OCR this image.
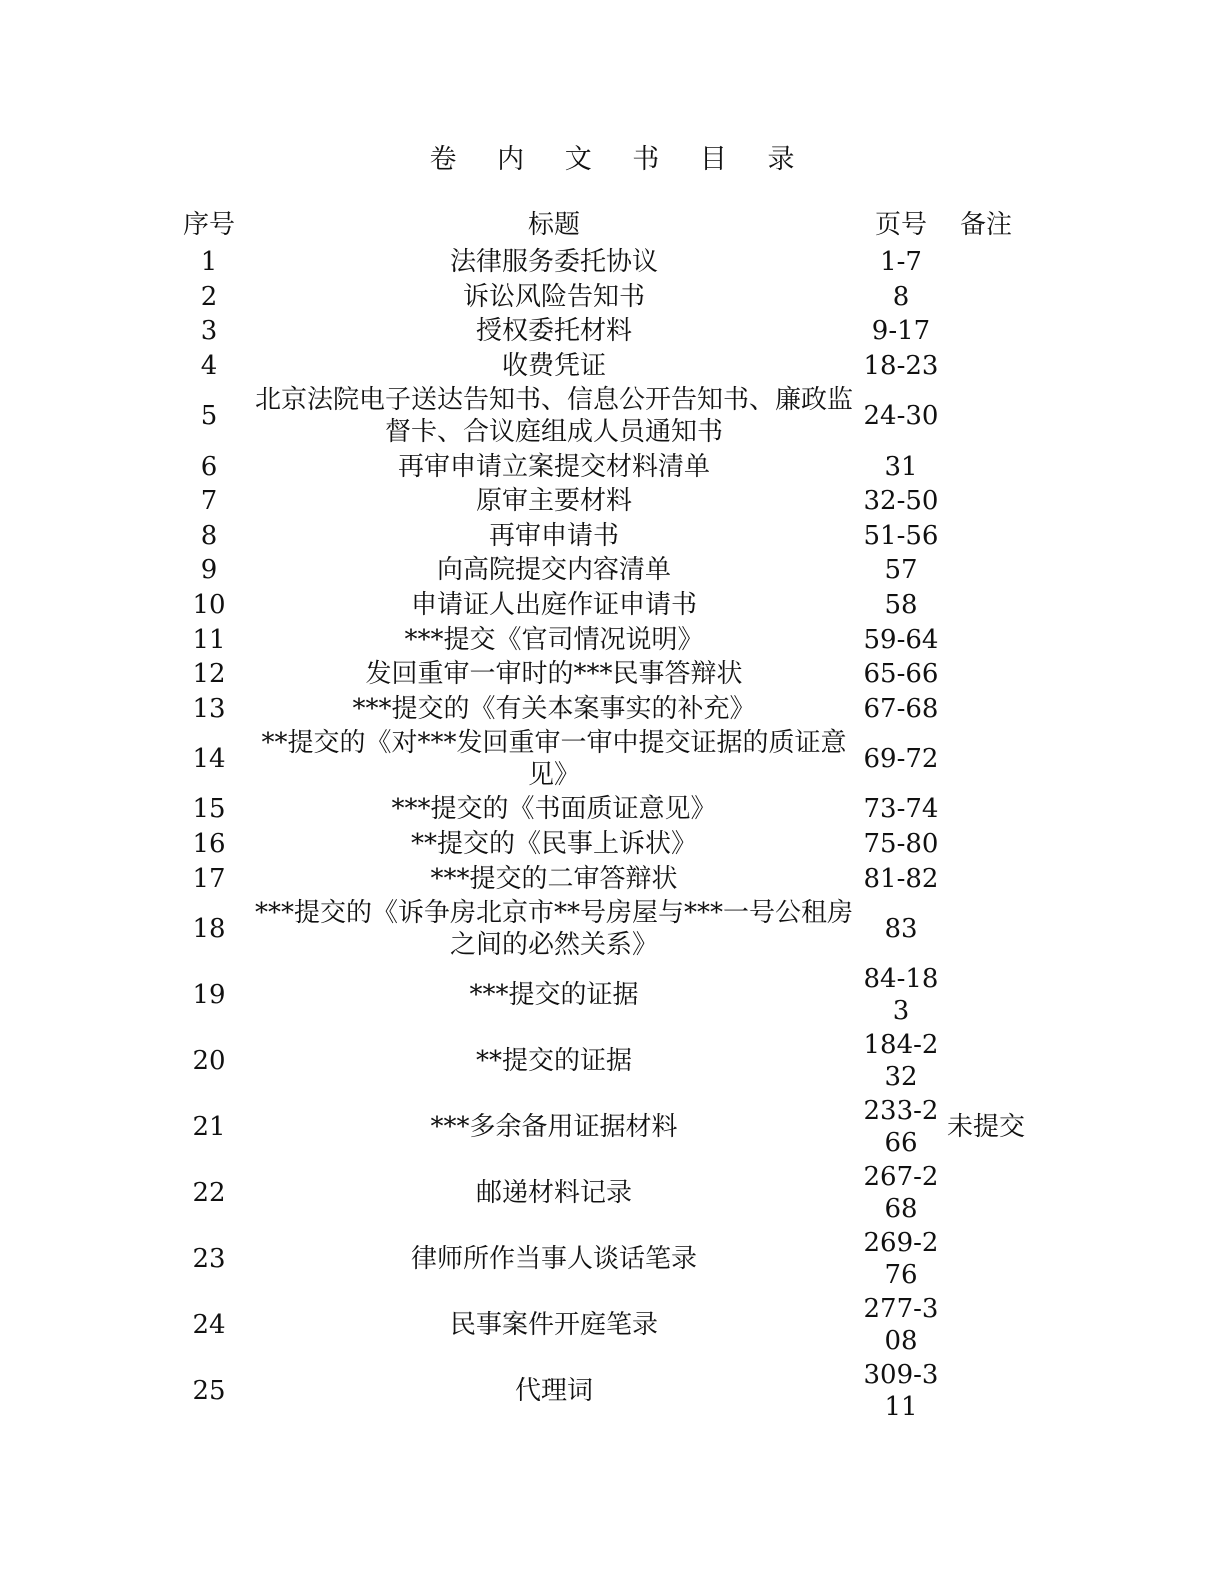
卷 内 文 书 目 录
序号	标题	页号	备注
1	法律服务委托协议	1-7	
2	诉讼风险告知书	8	
3	授权委托材料	9-17	
4	收费凭证	18-23	
5	北京法院电子送达告知书、信息公开告知书、廉政监督卡、合议庭组成人员通知书	24-30	
6	再审申请立案提交材料清单	31	
7	原审主要材料	32-50	
8	再审申请书	51-56	
9	向高院提交内容清单	57	
10	申请证人出庭作证申请书	58	
11	***提交《官司情况说明》	59-64	
12	发回重审一审时的***民事答辩状	65-66	
13	***提交的《有关本案事实的补充》	67-68	
14	**提交的《对***发回重审一审中提交证据的质证意见》	69-72	
15	***提交的《书面质证意见》	73-74	
16	**提交的《民事上诉状》	75-80	
17	***提交的二审答辩状	81-82	
18	***提交的《诉争房北京市**号房屋与***一号公租房之间的必然关系》	83	
19	***提交的证据	84-183	
20	**提交的证据	184-232	
21	***多余备用证据材料	233-266	未提交
22	邮递材料记录	267-268	
23	律师所作当事人谈话笔录	269-276	
24	民事案件开庭笔录	277-308	
25	代理词	309-311	
